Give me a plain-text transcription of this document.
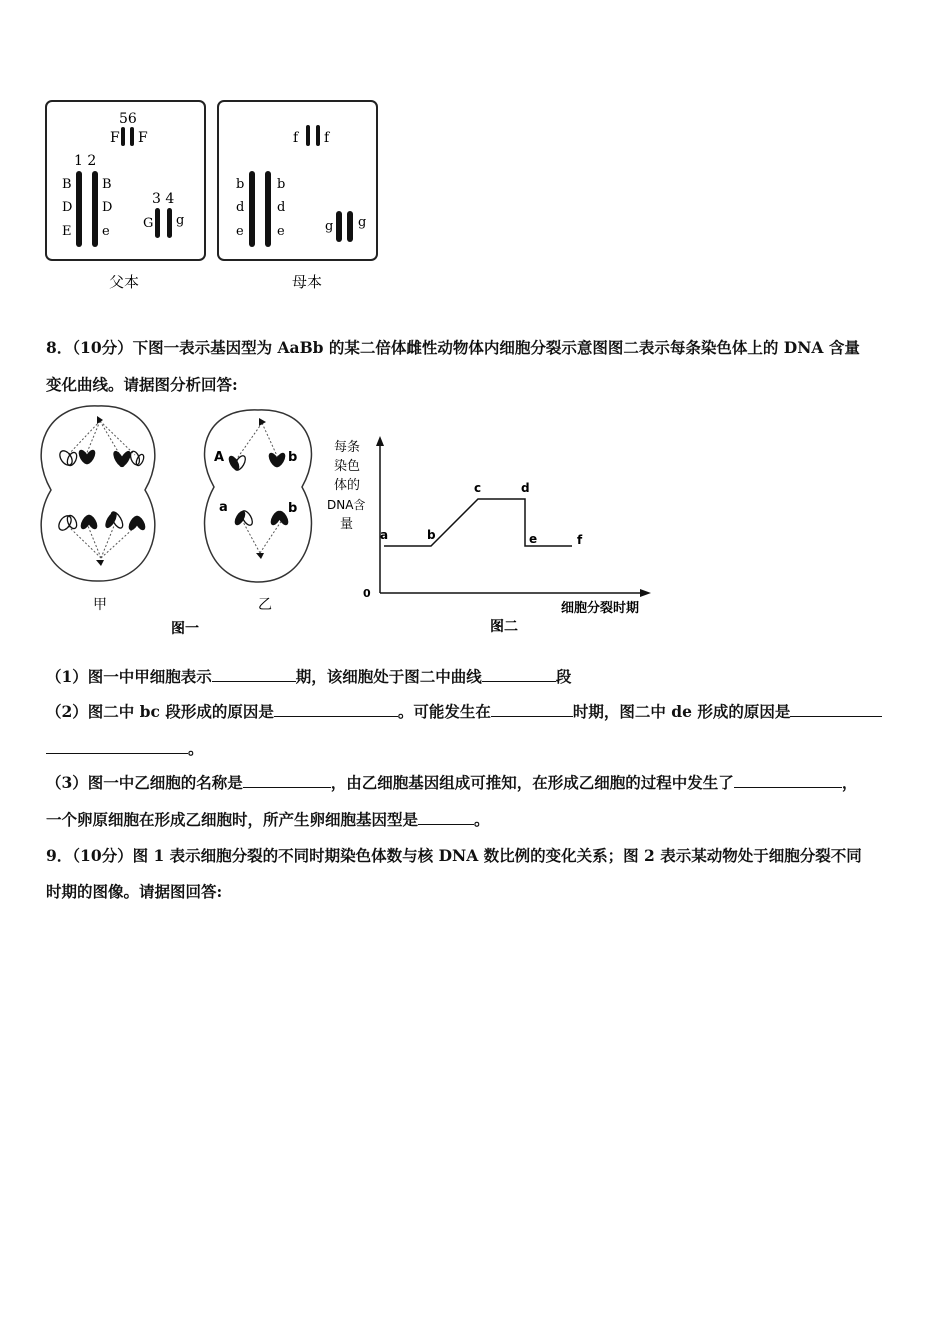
56
F F
1 2
B
D
E
B
D
e
3 4
G g
父本
f f
b
d
e
b
d
e	g g
母本
8．（10分）下图一表示基因型为 AaBb 的某二倍体雌性动物体内细胞分裂示意图图二表示每条染色体上的 DNA 含量
变化曲线。请据图分析回答:
甲
A	b
a	b
乙
图一
每条
染色
体的
DNA含
量
0
细胞分裂时期
a	b
c	d
e	f
图二
（1）图一中甲细胞表示	期，该细胞处于图二中曲线	段
（2）图二中 bc 段形成的原因是	。可能发生在	时期，图二中 de 形成的原因是
。
（3）图一中乙细胞的名称是	，由乙细胞基因组成可推知，在形成乙细胞的过程中发生了	，
一个卵原细胞在形成乙细胞时，所产生卵细胞基因型是	。
9．（10分）图 1 表示细胞分裂的不同时期染色体数与核 DNA 数比例的变化关系；图 2 表示某动物处于细胞分裂不同
时期的图像。请据图回答:
